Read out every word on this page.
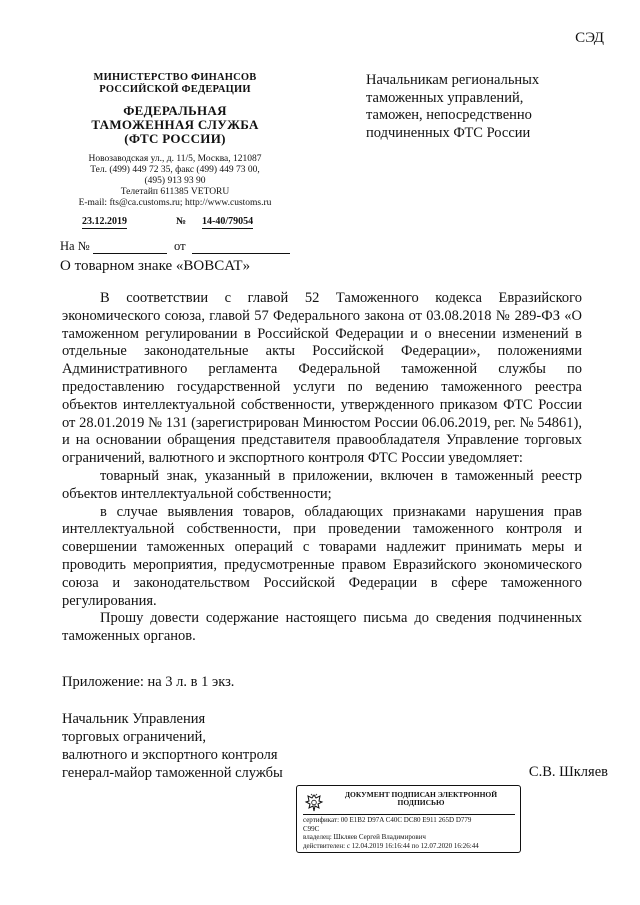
СЭД
МИНИСТЕРСТВО ФИНАНСОВ
РОССИЙСКОЙ ФЕДЕРАЦИИ
ФЕДЕРАЛЬНАЯ
ТАМОЖЕННАЯ СЛУЖБА
(ФТС РОССИИ)
Новозаводская ул., д. 11/5, Москва, 121087
Тел. (499) 449 72 35, факс (499) 449 73 00,
(495) 913 93 90
Телетайп 611385 VETORU
E-mail: fts@ca.customs.ru; http://www.customs.ru
23.12.2019	№ 14-40/79054
На №	от
О товарном знаке «BOBCAT»
Начальникам региональных
таможенных управлений,
таможен, непосредственно
подчиненных ФТС России

В соответствии с главой 52 Таможенного кодекса Евразийского экономического союза, главой 57 Федерального закона от 03.08.2018 № 289-ФЗ «О таможенном регулировании в Российской Федерации и о внесении изменений в отдельные законодательные акты Российской Федерации», положениями Административного регламента Федеральной таможенной службы по предоставлению государственной услуги по ведению таможенного реестра объектов интеллектуальной собственности, утвержденного приказом ФТС России от 28.01.2019 № 131 (зарегистрирован Минюстом России 06.06.2019, рег. № 54861), и на основании обращения представителя правообладателя Управление торговых ограничений, валютного и экспортного контроля ФТС России уведомляет:

товарный знак, указанный в приложении, включен в таможенный реестр объектов интеллектуальной собственности;

в случае выявления товаров, обладающих признаками нарушения прав интеллектуальной собственности, при проведении таможенного контроля и совершении таможенных операций с товарами надлежит принимать меры и проводить мероприятия, предусмотренные правом Евразийского экономического союза и законодательством Российской Федерации в сфере таможенного регулирования.

Прошу довести содержание настоящего письма до сведения подчиненных таможенных органов.

Приложение: на 3 л. в 1 экз.
Начальник Управления
торговых ограничений,
валютного и экспортного контроля
генерал-майор таможенной службы	С.В. Шкляев
ДОКУМЕНТ ПОДПИСАН ЭЛЕКТРОННОЙ
ПОДПИСЬЮ
сертификат: 00 E1B2 D97A C40C DC80 E911 265D D779
C99C
владелец: Шкляев Сергей Владимирович
действителен: с 12.04.2019 16:16:44 по 12.07.2020 16:26:44
